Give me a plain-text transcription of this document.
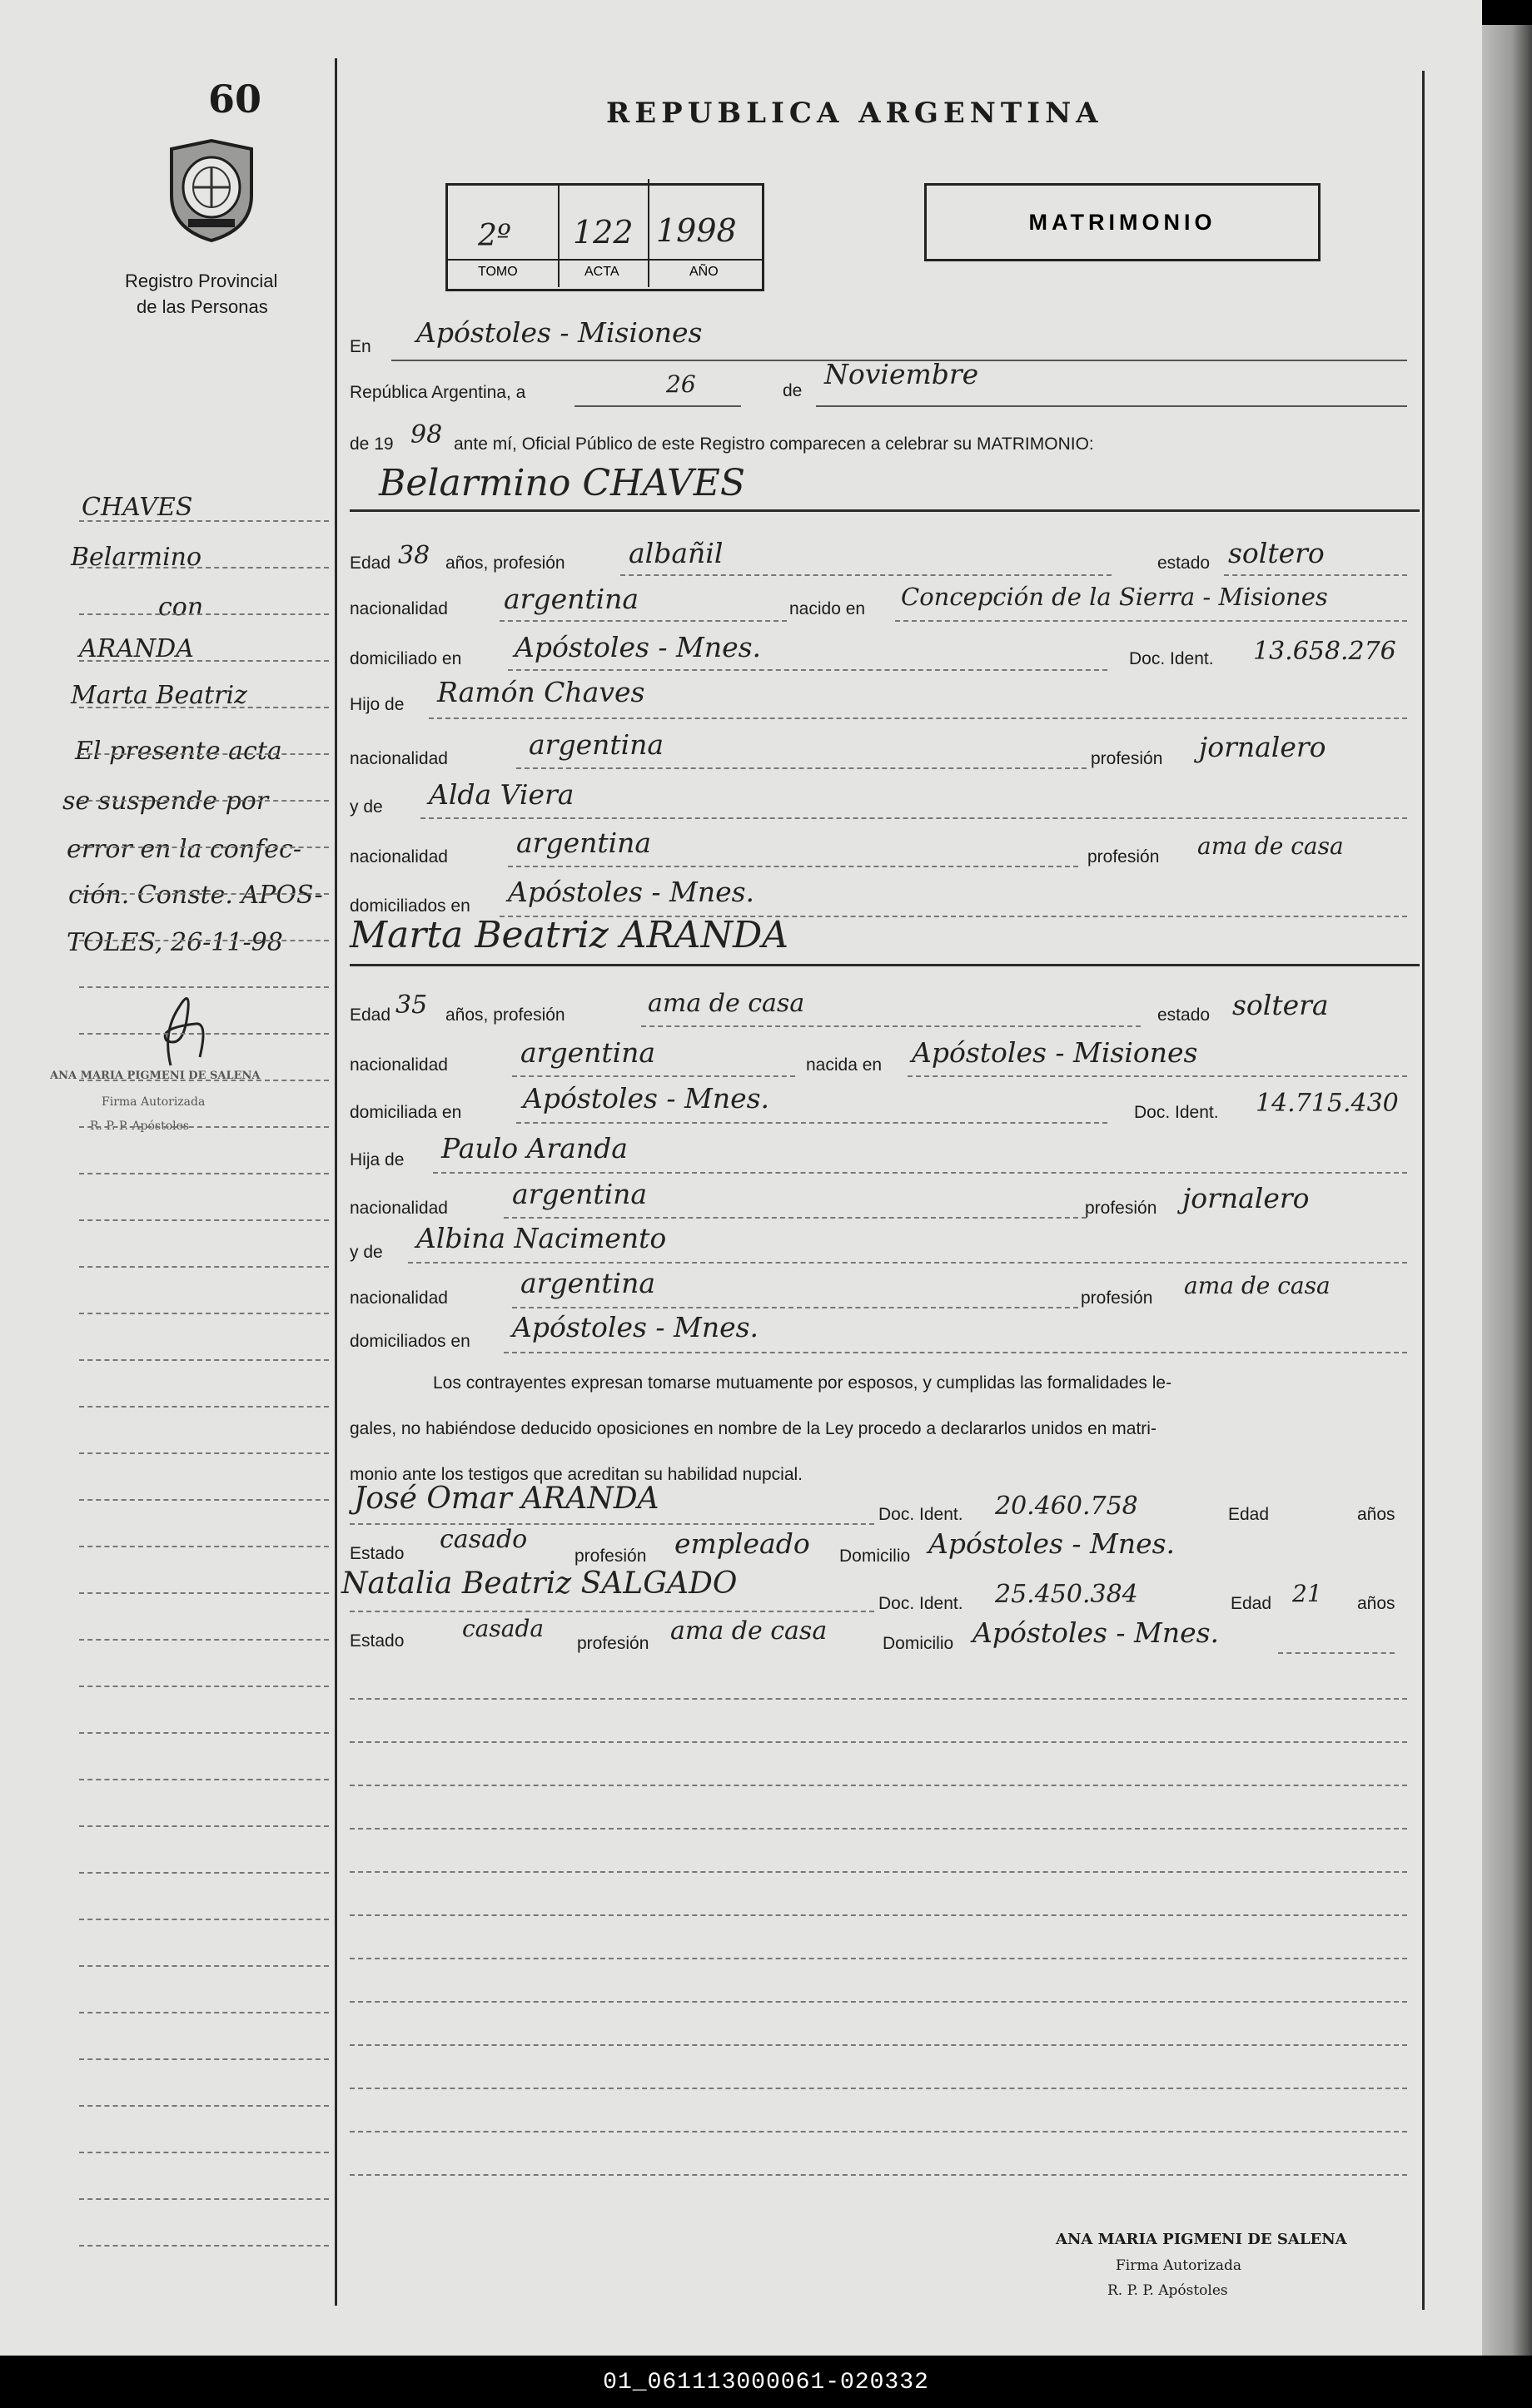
60
Registro Provincial
de las Personas
REPUBLICA ARGENTINA
2º 122 1998
TOMO	ACTA	AÑO
MATRIMONIO
En Apóstoles - Misiones
República Argentina, a	26	de
Noviembre
de 19 98 ante mí, Oficial Público de este Registro comparecen a celebrar su MATRIMONIO:
Belarmino CHAVES
Edad 38 años, profesión albañil	estado soltero
nacionalidad argentina	nacido en Concepción de la Sierra - Misiones
domiciliado en Apóstoles - Mnes.	Doc. Ident. 13.658.276
Hijo de Ramón Chaves
nacionalidad	argentina	profesión jornalero
y de Alda Viera
nacionalidad argentina	profesión ama de casa
domiciliados en Apóstoles - Mnes.
Marta Beatriz ARANDA
Edad 35 años, profesión	ama de casa	estado soltera
nacionalidad	argentina	nacida en Apóstoles - Misiones
domiciliada en Apóstoles - Mnes.	Doc. Ident. 14.715.430
Hija de Paulo Aranda
nacionalidad argentina	profesión jornalero
y de Albina Nacimento
nacionalidad	argentina	profesión ama de casa
domiciliados en Apóstoles - Mnes.
Los contrayentes expresan tomarse mutuamente por esposos, y cumplidas las formalidades le-
gales, no habiéndose deducido oposiciones en nombre de la Ley procedo a declararlos unidos en matri-
monio ante los testigos que acreditan su habilidad nupcial.
José Omar ARANDA	Doc. Ident. 20.460.758	Edad	años
Estado casado
profesión empleado Domicilio Apóstoles - Mnes.
Natalia Beatriz SALGADO
Doc. Ident. 25.450.384	Edad 21 años
Estado casada
profesión ama de casa	Domicilio Apóstoles - Mnes.
CHAVES
Belarmino
con
ARANDA
Marta Beatriz
El presente acta
se suspende por
error en la confec-
ción. Conste. APOS-
TOLES, 26-11-98
ANA MARIA PIGMENI DE SALENA
Firma Autorizada
R. P. P. Apóstoles
ANA MARIA PIGMENI DE SALENA
Firma Autorizada
R. P. P. Apóstoles
01_061113000061-020332
